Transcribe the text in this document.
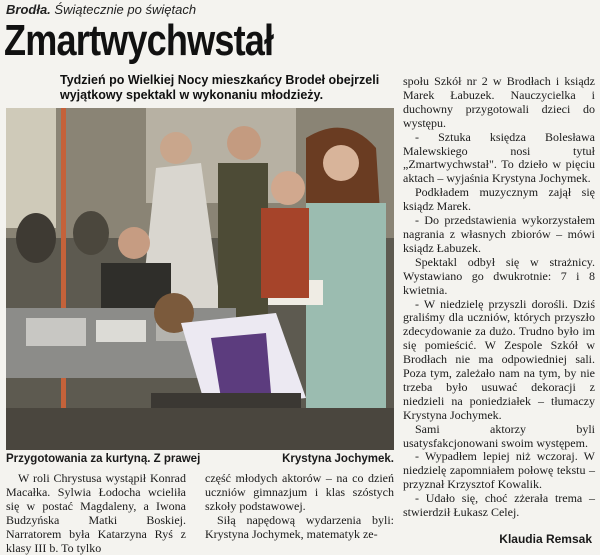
Brodła. Świątecznie po świętach
Zmartwychwstał
Tydzień po Wielkiej Nocy mieszkańcy Brodeł obejrzeli wyjątkowy spektakl w wykonaniu młodzieży.
Przygotowania za kurtyną. Z prawej	Krystyna Jochymek.

W roli Chrystusa wystąpił Konrad Macałka. Sylwia Łodocha wcieliła się w postać Magdaleny, a Iwona Budzyńska Matki Boskiej. Narratorem była Katarzyna Ryś z klasy III b. To tylko

część młodych aktorów – na co dzień uczniów gimnazjum i klas szóstych szkoły podstawowej.

Siłą napędową wydarzenia byli: Krystyna Jochymek, matematyk ze-

społu Szkół nr 2 w Brodłach i ksiądz Marek Łabuzek. Nauczycielka i duchowny przygotowali dzieci do występu.

- Sztuka księdza Bolesława Malewskiego nosi tytuł „Zmartwychwstał". To dzieło w pięciu aktach – wyjaśnia Krystyna Jochymek.

Podkładem muzycznym zajął się ksiądz Marek.

- Do przedstawienia wykorzystałem nagrania z własnych zbiorów – mówi ksiądz Łabuzek.

Spektakl odbył się w strażnicy. Wystawiano go dwukrotnie: 7 i 8 kwietnia.

- W niedzielę przyszli dorośli. Dziś graliśmy dla uczniów, których przyszło zdecydowanie za dużo. Trudno było im się pomieścić. W Zespole Szkół w Brodłach nie ma odpowiedniej sali. Poza tym, zależało nam na tym, by nie trzeba było usuwać dekoracji z niedzieli na poniedziałek – tłumaczy Krystyna Jochymek.

Sami aktorzy byli usatysfakcjonowani swoim występem.

- Wypadłem lepiej niż wczoraj. W niedzielę zapomniałem połowę tekstu – przyznał Krzysztof Kowalik.

- Udało się, choć zżerała trema – stwierdził Łukasz Celej.

Klaudia Remsak
